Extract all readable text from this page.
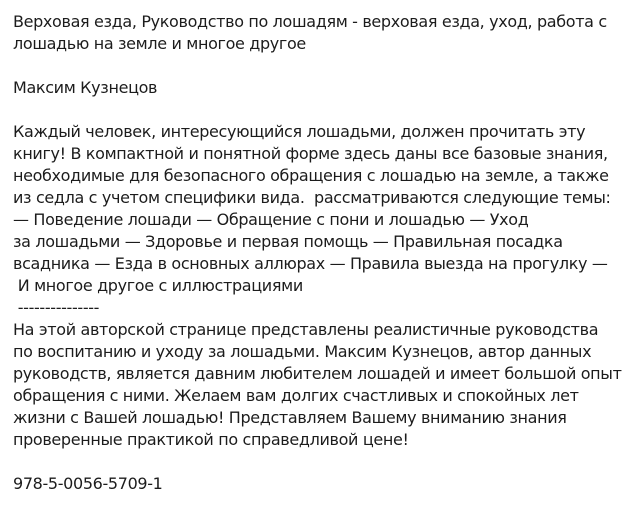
Верховая езда, Руководство по лошадям - верховая езда, уход, работа с
лошадью на земле и многое другое
Максим Кузнецов
Каждый человек, интересующийся лошадьми, должен прочитать эту
книгу! В компактной и понятной форме здесь даны все базовые знания,
необходимые для безопасного обращения с лошадью на земле, а также
из седла с учетом специфики вида.  рассматриваются следующие темы:
— Поведение лошади — Обращение с пони и лошадью — Уход
за лошадьми — Здоровье и первая помощь — Правильная посадка
всадника — Езда в основных аллюрах — Правила выезда на прогулку —
И многое другое с иллюстрациями
---------------
На этой авторской странице представлены реалистичные руководства
по воспитанию и уходу за лошадьми. Максим Кузнецов, автор данных
руководств, является давним любителем лошадей и имеет большой опыт
обращения с ними. Желаем вам долгих счастливых и спокойных лет
жизни с Вашей лошадью! Представляем Вашему вниманию знания
проверенные практикой по справедливой цене!
978-5-0056-5709-1
